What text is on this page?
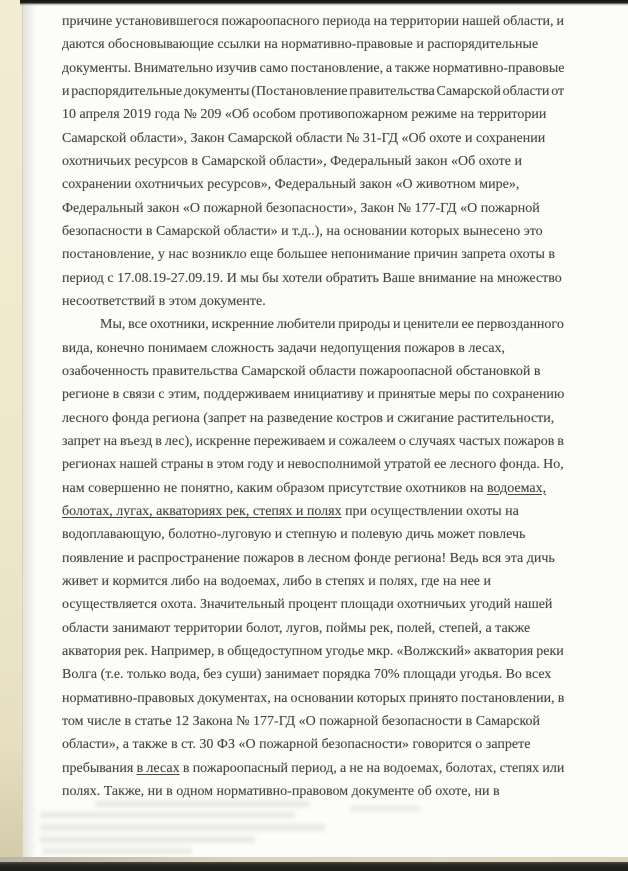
причине установившегося пожароопасного периода на территории нашей области, и
даются обосновывающие ссылки на нормативно-правовые и распорядительные
документы. Внимательно изучив само постановление, а также нормативно-правовые
и распорядительные документы (Постановление правительства Самарской области от
10 апреля 2019 года № 209 «Об особом противопожарном режиме на территории
Самарской области», Закон Самарской области № 31-ГД «Об охоте и сохранении
охотничьих ресурсов в Самарской области», Федеральный закон «Об охоте и
сохранении охотничьих ресурсов», Федеральный закон «О животном мире»,
Федеральный закон «О пожарной безопасности», Закон № 177-ГД «О пожарной
безопасности в Самарской области» и т.д..), на основании которых вынесено это
постановление, у нас возникло еще большее непонимание причин запрета охоты в
период с 17.08.19-27.09.19. И мы бы хотели обратить Ваше внимание на множество
несоответствий в этом документе.
Мы, все охотники, искренние любители природы и ценители ее первозданного
вида, конечно понимаем сложность задачи недопущения пожаров в лесах,
озабоченность правительства Самарской области пожароопасной обстановкой в
регионе в связи с этим, поддерживаем инициативу и принятые меры по сохранению
лесного фонда региона (запрет на разведение костров и сжигание растительности,
запрет на въезд в лес), искренне переживаем и сожалеем о случаях частых пожаров в
регионах нашей страны в этом году и невосполнимой утратой ее лесного фонда. Но,
нам совершенно не понятно, каким образом присутствие охотников на водоемах,
болотах, лугах, акваториях рек, степях и полях при осуществлении охоты на
водоплавающую, болотно-луговую и степную и полевую дичь может повлечь
появление и распространение пожаров в лесном фонде региона! Ведь вся эта дичь
живет и кормится либо на водоемах, либо в степях и полях, где на нее и
осуществляется охота. Значительный процент площади охотничьих угодий нашей
области занимают территории болот, лугов, поймы рек, полей, степей, а также
акватория рек. Например, в общедоступном угодье мкр. «Волжский» акватория реки
Волга (т.е. только вода, без суши) занимает порядка 70% площади угодья. Во всех
нормативно-правовых документах, на основании которых принято постановлении, в
том числе в статье 12 Закона № 177-ГД «О пожарной безопасности в Самарской
области», а также в ст. 30 ФЗ «О пожарной безопасности» говорится о запрете
пребывания в лесах в пожароопасный период, а не на водоемах, болотах, степях или
полях. Также, ни в одном нормативно-правовом документе об охоте, ни в
